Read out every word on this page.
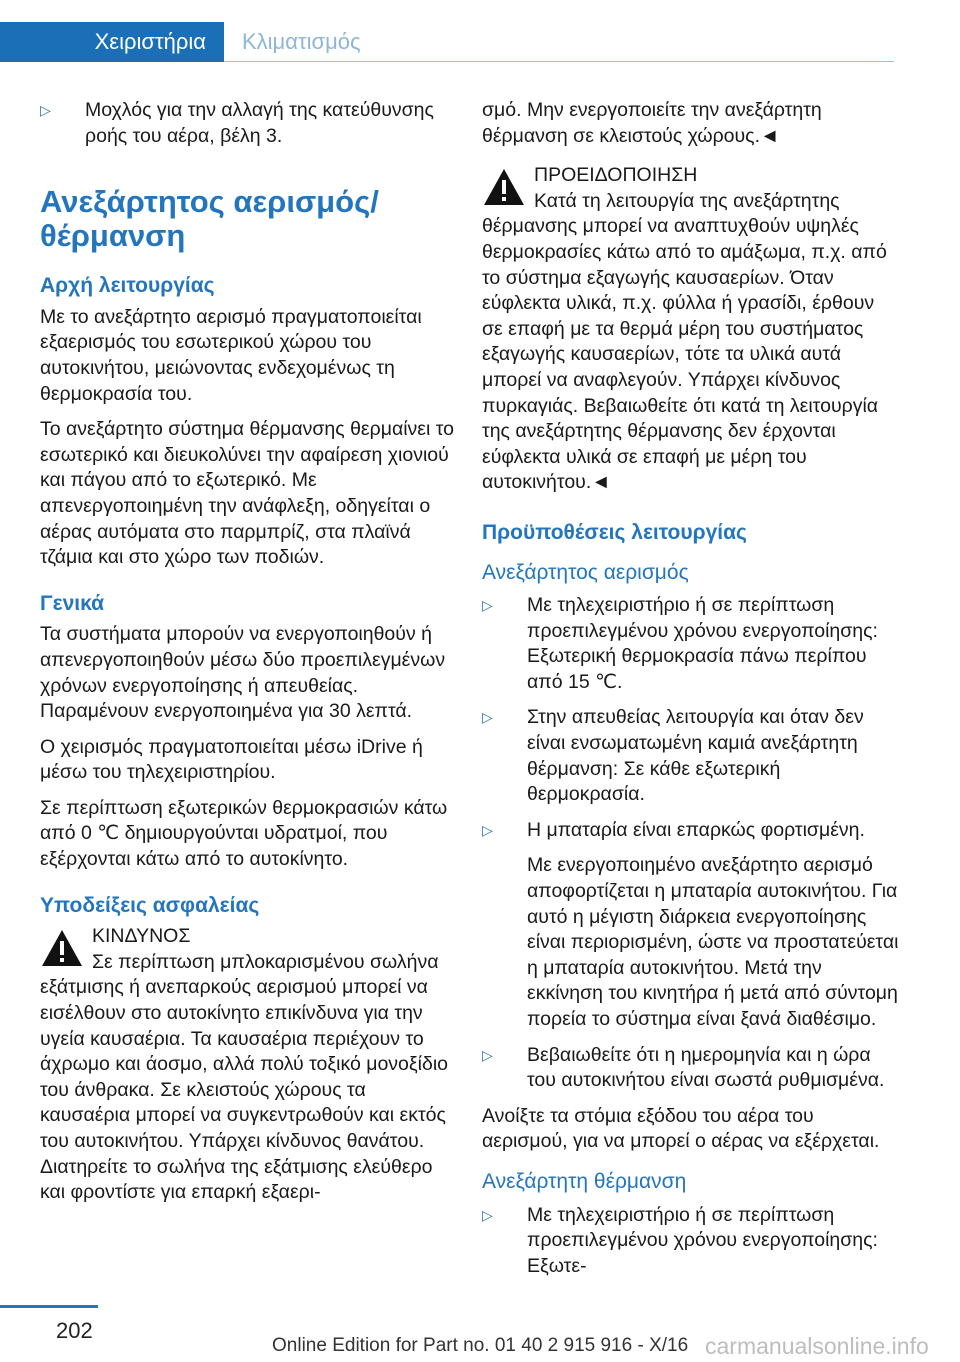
Χειριστήρια	Κλιματισμός
▷ Μοχλός για την αλλαγή της κατεύθυνσης ροής του αέρα, βέλη 3.
Ανεξάρτητος αερισμός/ θέρμανση
Αρχή λειτουργίας

Με το ανεξάρτητο αερισμό πραγματοποιείται εξαερισμός του εσωτερικού χώρου του αυτοκινήτου, μειώνοντας ενδεχομένως τη θερμοκρασία του.

Το ανεξάρτητο σύστημα θέρμανσης θερμαίνει το εσωτερικό και διευκολύνει την αφαίρεση χιονιού και πάγου από το εξωτερικό. Με απενεργοποιημένη την ανάφλεξη, οδηγείται ο αέρας αυτόματα στο παρμπρίζ, στα πλαϊνά τζάμια και στο χώρο των ποδιών.

Γενικά

Τα συστήματα μπορούν να ενεργοποιηθούν ή απενεργοποιηθούν μέσω δύο προεπιλεγμένων χρόνων ενεργοποίησης ή απευθείας. Παραμένουν ενεργοποιημένα για 30 λεπτά.

Ο χειρισμός πραγματοποιείται μέσω iDrive ή μέσω του τηλεχειριστηρίου.

Σε περίπτωση εξωτερικών θερμοκρασιών κάτω από 0 ℃ δημιουργούνται υδρατμοί, που εξέρχονται κάτω από το αυτοκίνητο.

Υποδείξεις ασφαλείας
ΚΙΝΔΥΝΟΣ
Σε περίπτωση μπλοκαρισμένου σωλήνα εξάτμισης ή ανεπαρκούς αερισμού μπορεί να εισέλθουν στο αυτοκίνητο επικίνδυνα για την υγεία καυσαέρια. Τα καυσαέρια περιέχουν το άχρωμο και άοσμο, αλλά πολύ τοξικό μονοξίδιο του άνθρακα. Σε κλειστούς χώρους τα καυσαέρια μπορεί να συγκεντρωθούν και εκτός του αυτοκινήτου. Υπάρχει κίνδυνος θανάτου. Διατηρείτε το σωλήνα της εξάτμισης ελεύθερο και φροντίστε για επαρκή εξαερι-

σμό. Μην ενεργοποιείτε την ανεξάρτητη θέρμανση σε κλειστούς χώρους.◄

ΠΡΟΕΙΔΟΠΟΙΗΣΗ
Κατά τη λειτουργία της ανεξάρτητης θέρμανσης μπορεί να αναπτυχθούν υψηλές θερμοκρασίες κάτω από το αμάξωμα, π.χ. από το σύστημα εξαγωγής καυσαερίων. Όταν εύφλεκτα υλικά, π.χ. φύλλα ή γρασίδι, έρθουν σε επαφή με τα θερμά μέρη του συστήματος εξαγωγής καυσαερίων, τότε τα υλικά αυτά μπορεί να αναφλεγούν. Υπάρχει κίνδυνος πυρκαγιάς. Βεβαιωθείτε ότι κατά τη λειτουργία της ανεξάρτητης θέρμανσης δεν έρχονται εύφλεκτα υλικά σε επαφή με μέρη του αυτοκινήτου.◄
Προϋποθέσεις λειτουργίας
Ανεξάρτητος αερισμός
▷ Με τηλεχειριστήριο ή σε περίπτωση προεπιλεγμένου χρόνου ενεργοποίησης: Εξωτερική θερμοκρασία πάνω περίπου από 15 ℃.
▷ Στην απευθείας λειτουργία και όταν δεν είναι ενσωματωμένη καμιά ανεξάρτητη θέρμανση: Σε κάθε εξωτερική θερμοκρασία.
▷ Η μπαταρία είναι επαρκώς φορτισμένη.
Με ενεργοποιημένο ανεξάρτητο αερισμό αποφορτίζεται η μπαταρία αυτοκινήτου. Για αυτό η μέγιστη διάρκεια ενεργοποίησης είναι περιορισμένη, ώστε να προστατεύεται η μπαταρία αυτοκινήτου. Μετά την εκκίνηση του κινητήρα ή μετά από σύντομη πορεία το σύστημα είναι ξανά διαθέσιμο.
▷ Βεβαιωθείτε ότι η ημερομηνία και η ώρα του αυτοκινήτου είναι σωστά ρυθμισμένα.

Ανοίξτε τα στόμια εξόδου του αέρα του αερισμού, για να μπορεί ο αέρας να εξέρχεται.

Ανεξάρτητη θέρμανση
▷ Με τηλεχειριστήριο ή σε περίπτωση προεπιλεγμένου χρόνου ενεργοποίησης: Εξωτε-
202
Online Edition for Part no. 01 40 2 915 916 - X/16 carmanualsonline.info
